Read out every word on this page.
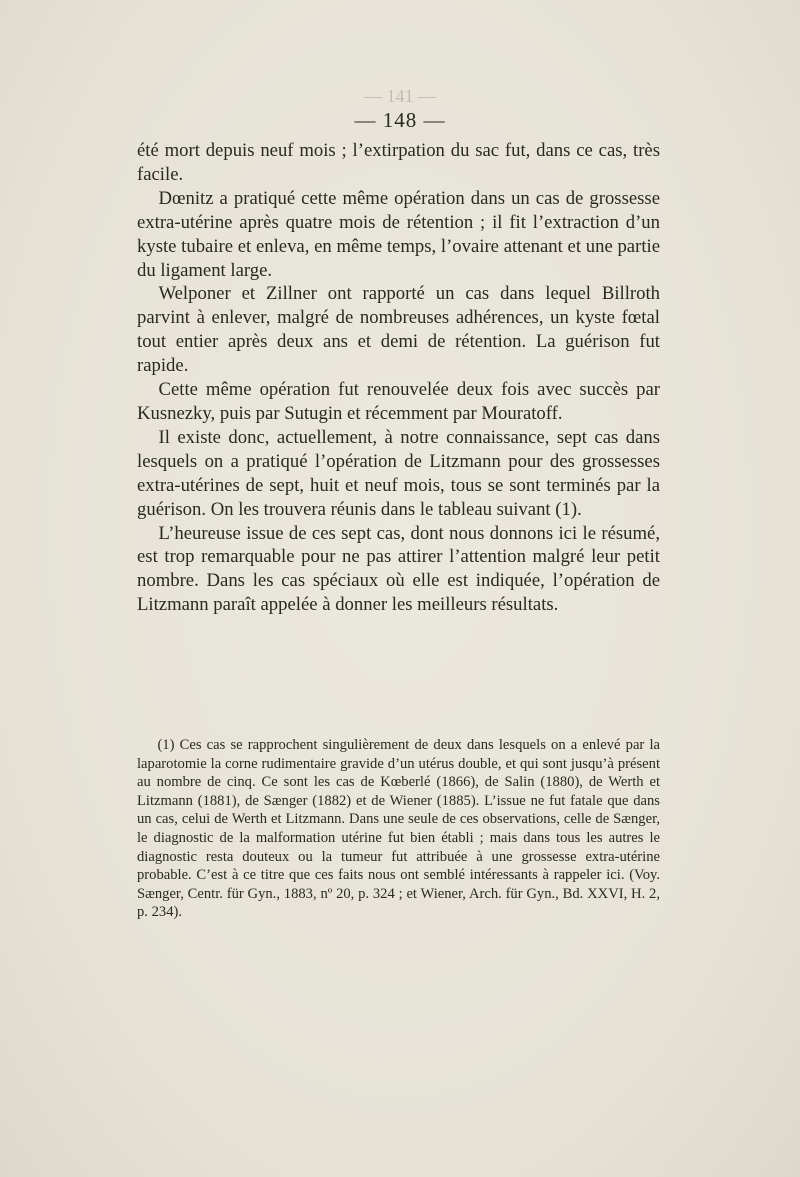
— 141 —
— 148 —

été mort depuis neuf mois ; l’extirpation du sac fut, dans ce cas, très facile.

Dœnitz a pratiqué cette même opération dans un cas de grossesse extra-utérine après quatre mois de rétention ; il fit l’extraction d’un kyste tubaire et enleva, en même temps, l’ovaire attenant et une partie du ligament large.

Welponer et Zillner ont rapporté un cas dans lequel Billroth parvint à enlever, malgré de nombreuses adhérences, un kyste fœtal tout entier après deux ans et demi de rétention. La guérison fut rapide.

Cette même opération fut renouvelée deux fois avec succès par Kusnezky, puis par Sutugin et récemment par Mouratoff.

Il existe donc, actuellement, à notre connaissance, sept cas dans lesquels on a pratiqué l’opération de Litzmann pour des grossesses extra-utérines de sept, huit et neuf mois, tous se sont terminés par la guérison. On les trouvera réunis dans le tableau suivant (1).

L’heureuse issue de ces sept cas, dont nous donnons ici le résumé, est trop remarquable pour ne pas attirer l’attention malgré leur petit nombre. Dans les cas spéciaux où elle est indiquée, l’opération de Litzmann paraît appelée à donner les meilleurs résultats.

(1) Ces cas se rapprochent singulièrement de deux dans lesquels on a enlevé par la laparotomie la corne rudimentaire gravide d’un utérus double, et qui sont jusqu’à présent au nombre de cinq. Ce sont les cas de Kœberlé (1866), de Salin (1880), de Werth et Litzmann (1881), de Sænger (1882) et de Wiener (1885). L’issue ne fut fatale que dans un cas, celui de Werth et Litzmann. Dans une seule de ces observations, celle de Sænger, le diagnostic de la malformation utérine fut bien établi ; mais dans tous les autres le diagnostic resta douteux ou la tumeur fut attribuée à une grossesse extra-utérine probable. C’est à ce titre que ces faits nous ont semblé intéressants à rappeler ici. (Voy. Sænger, Centr. für Gyn., 1883, nº 20, p. 324 ; et Wiener, Arch. für Gyn., Bd. XXVI, H. 2, p. 234).
